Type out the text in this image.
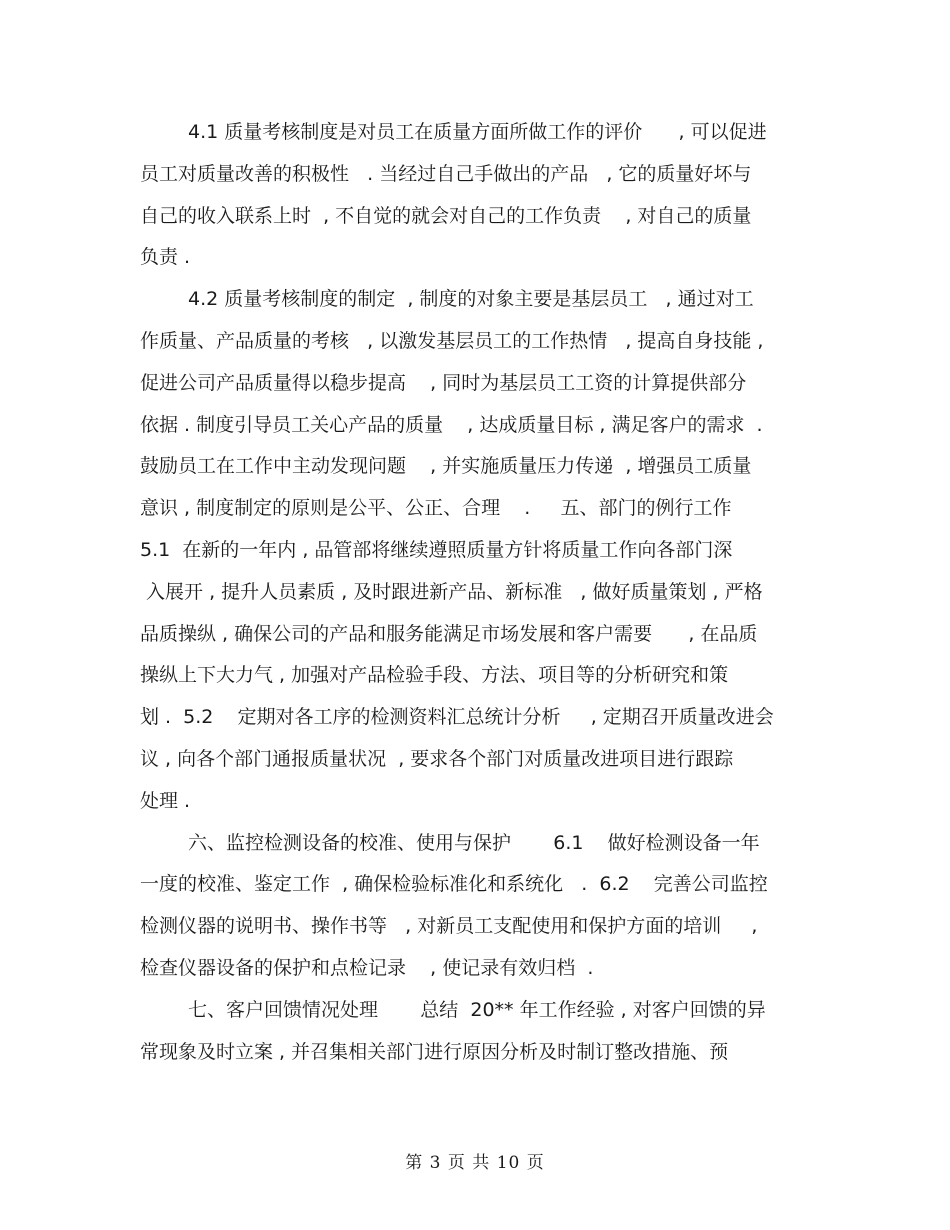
4.1 质量考核制度是对员工在质量方面所做工作的评价      , 可以促进
员工对质量改善的积极性   . 当经过自己手做出的产品   , 它的质量好坏与
自己的收入联系上时  , 不自觉的就会对自己的工作负责    , 对自己的质量
负责 .
4.2 质量考核制度的制定  , 制度的对象主要是基层员工   , 通过对工
作质量、产品质量的考核   , 以激发基层员工的工作热情   , 提高自身技能 ,
促进公司产品质量得以稳步提高    , 同时为基层员工工资的计算提供部分
依据 . 制度引导员工关心产品的质量    , 达成质量目标 , 满足客户的需求  .
鼓励员工在工作中主动发现问题    , 并实施质量压力传递  , 增强员工质量
意识 , 制度制定的原则是公平、公正、合理    .     五、部门的例行工作
5.1  在新的一年内 , 品管部将继续遵照质量方针将质量工作向各部门深
入展开 , 提升人员素质 , 及时跟进新产品、新标准   , 做好质量策划 , 严格
品质操纵 , 确保公司的产品和服务能满足市场发展和客户需要      , 在品质
操纵上下大力气 , 加强对产品检验手段、方法、项目等的分析研究和策
划 .  5.2    定期对各工序的检测资料汇总统计分析     , 定期召开质量改进会
议 , 向各个部门通报质量状况  , 要求各个部门对质量改进项目进行跟踪
处理 .
六、监控检测设备的校准、使用与保护       6.1    做好检测设备一年
一度的校准、鉴定工作  , 确保检验标准化和系统化   .  6.2    完善公司监控
检测仪器的说明书、操作书等   , 对新员工支配使用和保护方面的培训     ,
检查仪器设备的保护和点检记录    , 使记录有效归档  .
七、客户回馈情况处理       总结  20** 年工作经验 , 对客户回馈的异
常现象及时立案 , 并召集相关部门进行原因分析及时制订整改措施、预
第 3 页 共 10 页
